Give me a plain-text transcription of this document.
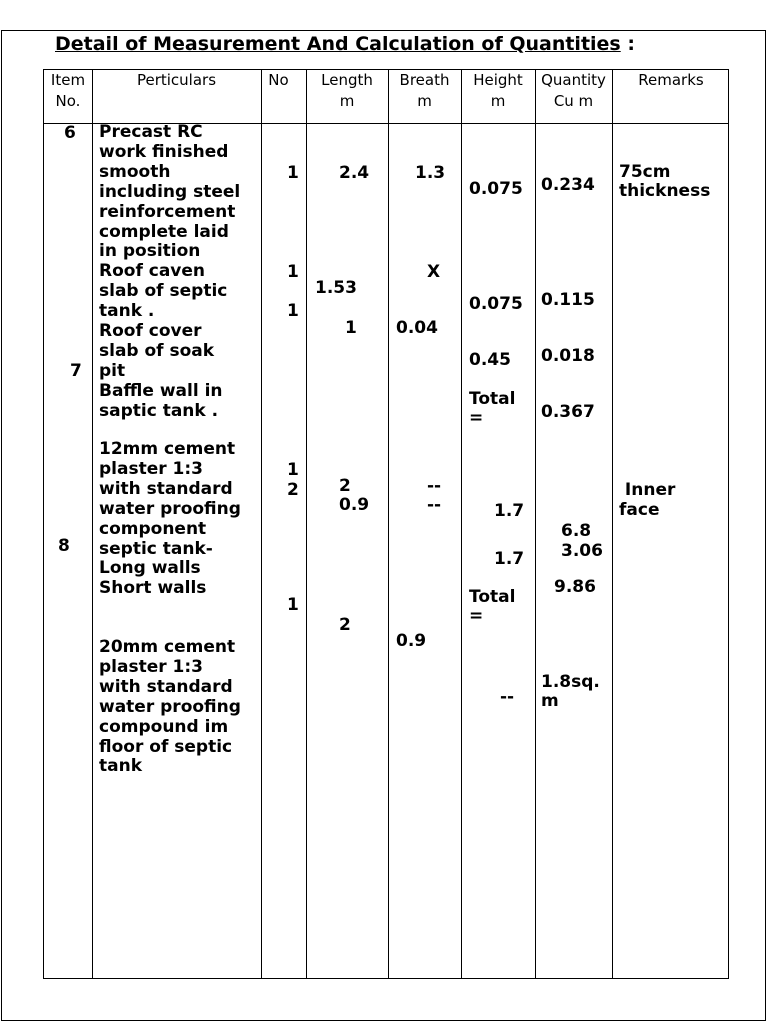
Detail of Measurement And Calculation of Quantities :
Item
No.
Perticulars	No	Length
m
Breath
m
Height
m
Quantity
Cu m
Remarks
6
7
8
Precast RC
work finished
smooth
including steel
reinforcement
complete laid
in position
Roof caven
slab of septic
tank .
Roof cover
slab of soak
pit
Baffle wall in
saptic tank .
12mm cement
plaster 1:3
with standard
water proofing
component
septic tank-
Long walls
Short walls
20mm cement
plaster 1:3
with standard
water proofing
compound im
floor of septic
tank
1
1
1
1
2
1
2.4
1.53
1
2
0.9
2
1.3
X
0.04
--
--
0.9
0.075
0.075
0.45
Total
=
1.7
1.7
Total
=
--
0.234
0.115
0.018
0.367
6.8
3.06
9.86
1.8sq.
m
75cm
thickness
Inner
face
